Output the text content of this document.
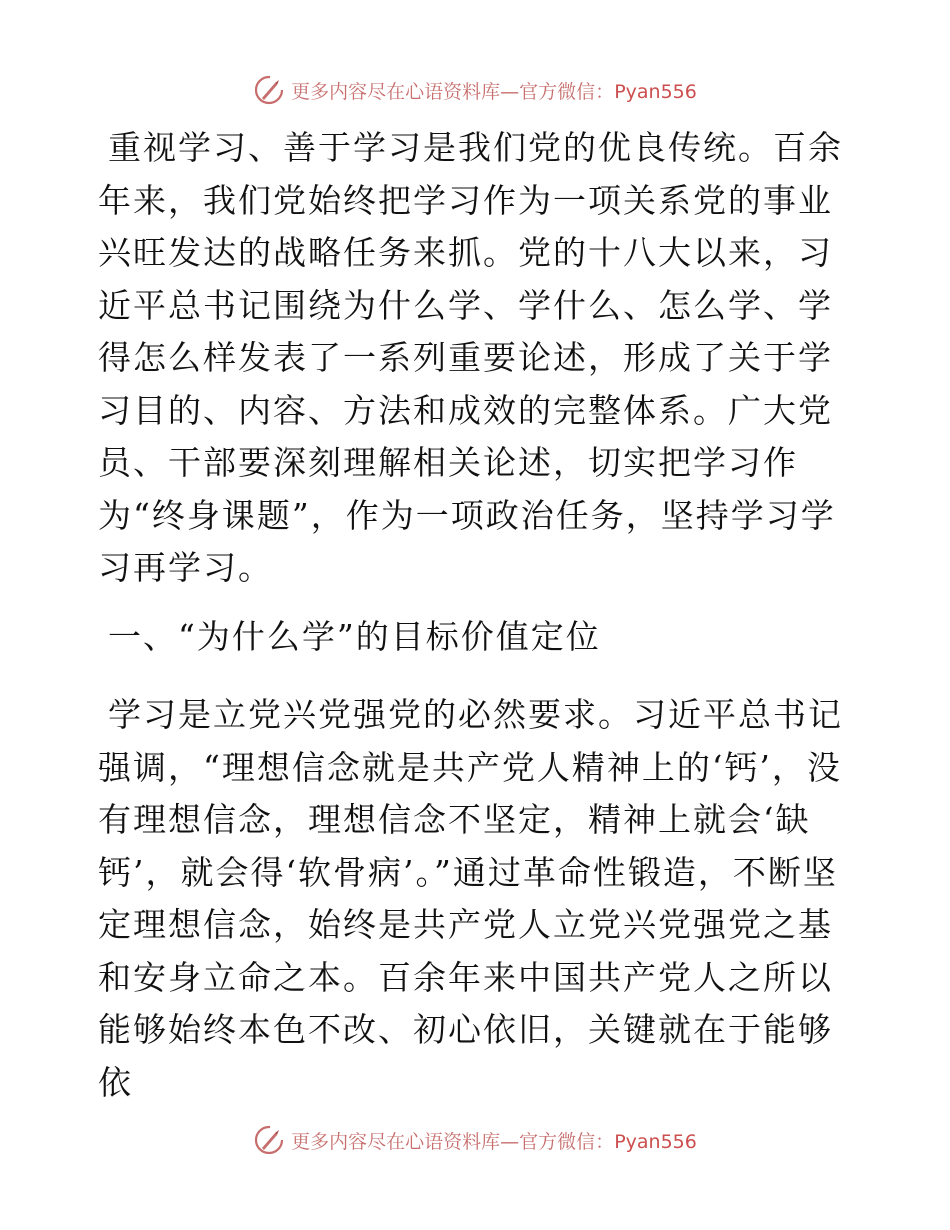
更多内容尽在心语资料库—官方微信：Pyan556

重视学习、善于学习是我们党的优良传统。百余年来，我们党始终把学习作为一项关系党的事业兴旺发达的战略任务来抓。党的十八大以来，习近平总书记围绕为什么学、学什么、怎么学、学得怎么样发表了一系列重要论述，形成了关于学习目的、内容、方法和成效的完整体系。广大党员、干部要深刻理解相关论述，切实把学习作为“终身课题”，作为一项政治任务，坚持学习学习再学习。

一、“为什么学”的目标价值定位

学习是立党兴党强党的必然要求。习近平总书记强调，“理想信念就是共产党人精神上的‘钙’，没有理想信念，理想信念不坚定，精神上就会‘缺钙’，就会得‘软骨病’。”通过革命性锻造，不断坚定理想信念，始终是共产党人立党兴党强党之基和安身立命之本。百余年来中国共产党人之所以能够始终本色不改、初心依旧，关键就在于能够依

更多内容尽在心语资料库—官方微信：Pyan556
